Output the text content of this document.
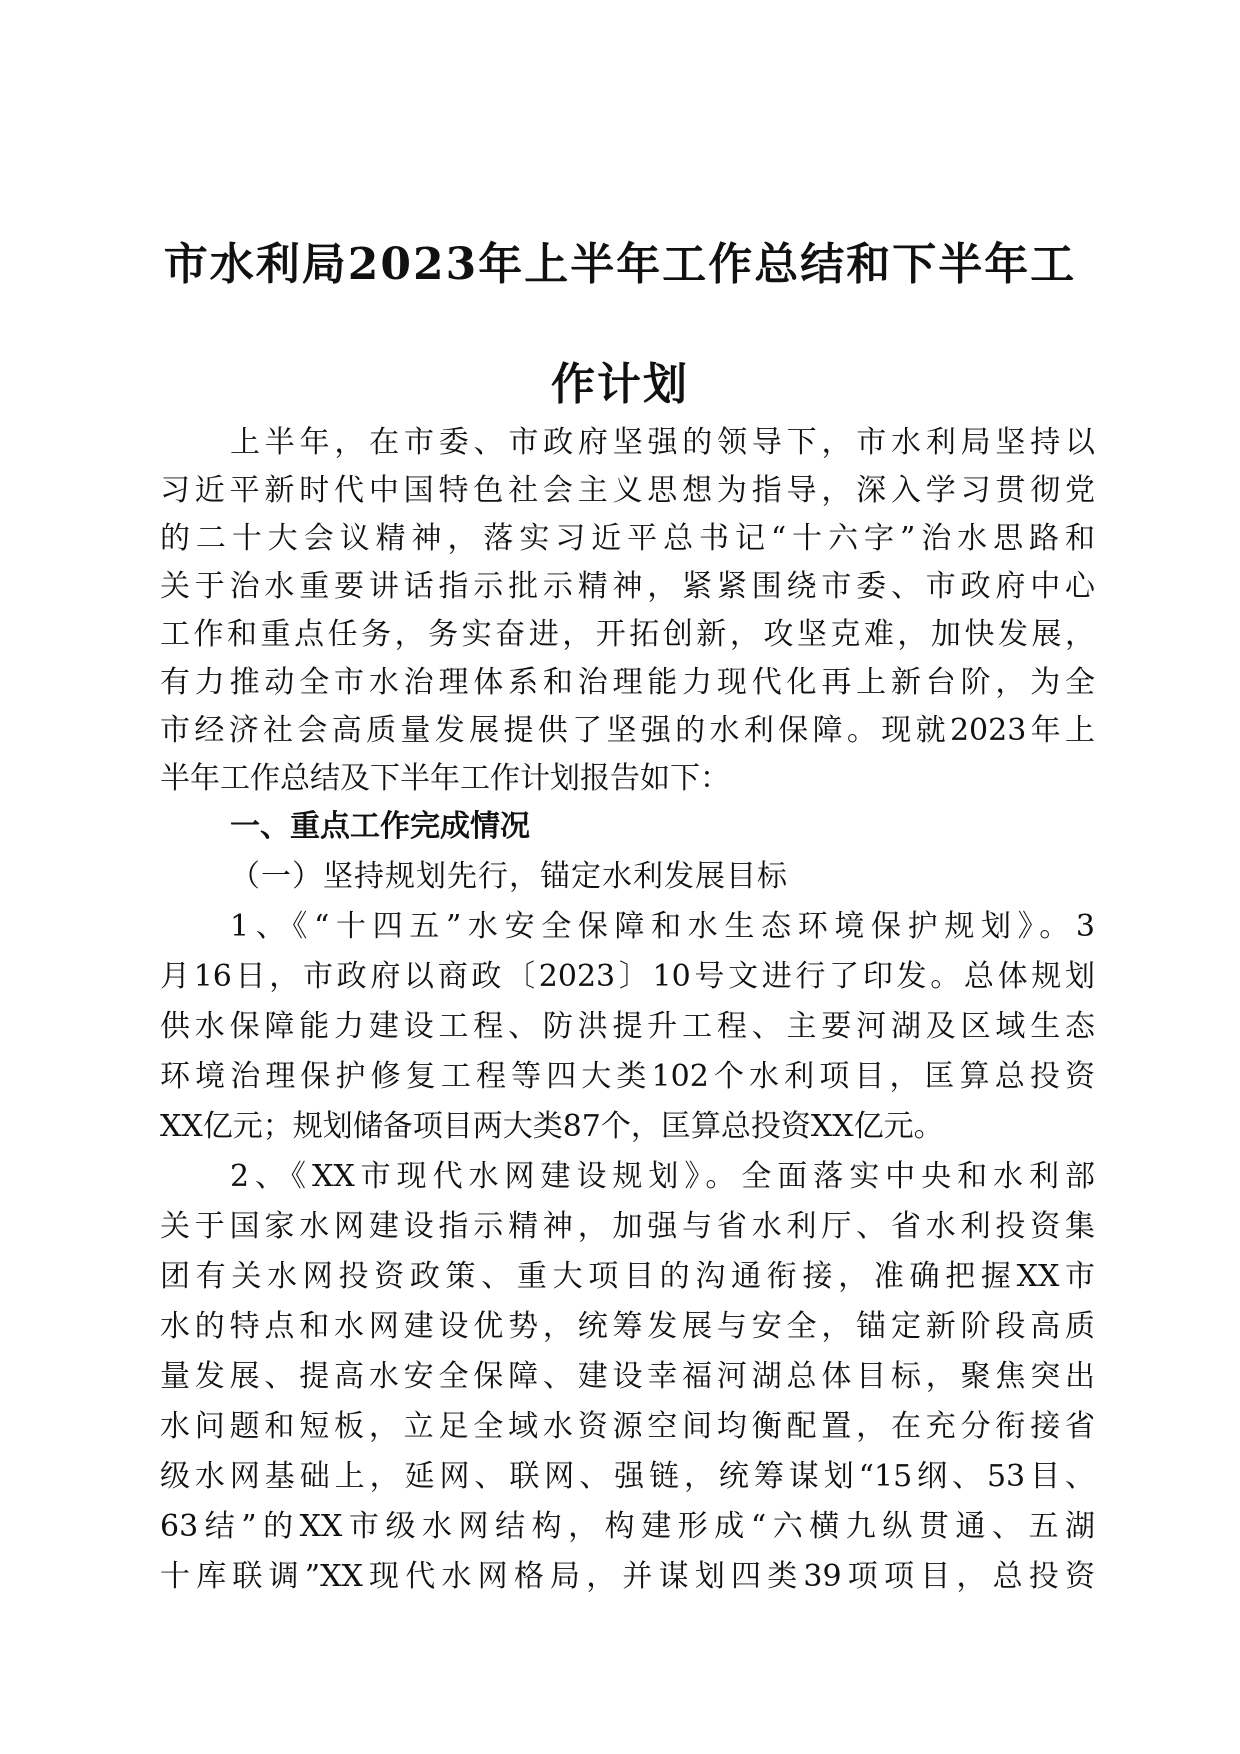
市水利局2023年上半年工作总结和下半年工
作计划
上半年，在市委、市政府坚强的领导下，市水利局坚持以
习近平新时代中国特色社会主义思想为指导，深入学习贯彻党
的二十大会议精神，落实习近平总书记“十六字”治水思路和
关于治水重要讲话指示批示精神，紧紧围绕市委、市政府中心
工作和重点任务，务实奋进，开拓创新，攻坚克难，加快发展，
有力推动全市水治理体系和治理能力现代化再上新台阶，为全
市经济社会高质量发展提供了坚强的水利保障。现就2023年上
半年工作总结及下半年工作计划报告如下：
一、重点工作完成情况
（一）坚持规划先行，锚定水利发展目标
1、《“十四五”水安全保障和水生态环境保护规划》。3
月16日，市政府以商政〔2023〕10号文进行了印发。总体规划
供水保障能力建设工程、防洪提升工程、主要河湖及区域生态
环境治理保护修复工程等四大类102个水利项目，匡算总投资
XX亿元；规划储备项目两大类87个，匡算总投资XX亿元。
2、《XX市现代水网建设规划》。全面落实中央和水利部
关于国家水网建设指示精神，加强与省水利厅、省水利投资集
团有关水网投资政策、重大项目的沟通衔接，准确把握XX市
水的特点和水网建设优势，统筹发展与安全，锚定新阶段高质
量发展、提高水安全保障、建设幸福河湖总体目标，聚焦突出
水问题和短板，立足全域水资源空间均衡配置，在充分衔接省
级水网基础上，延网、联网、强链，统筹谋划“15纲、53目、
63结”的XX市级水网结构，构建形成“六横九纵贯通、五湖
十库联调”XX现代水网格局，并谋划四类39项项目，总投资
